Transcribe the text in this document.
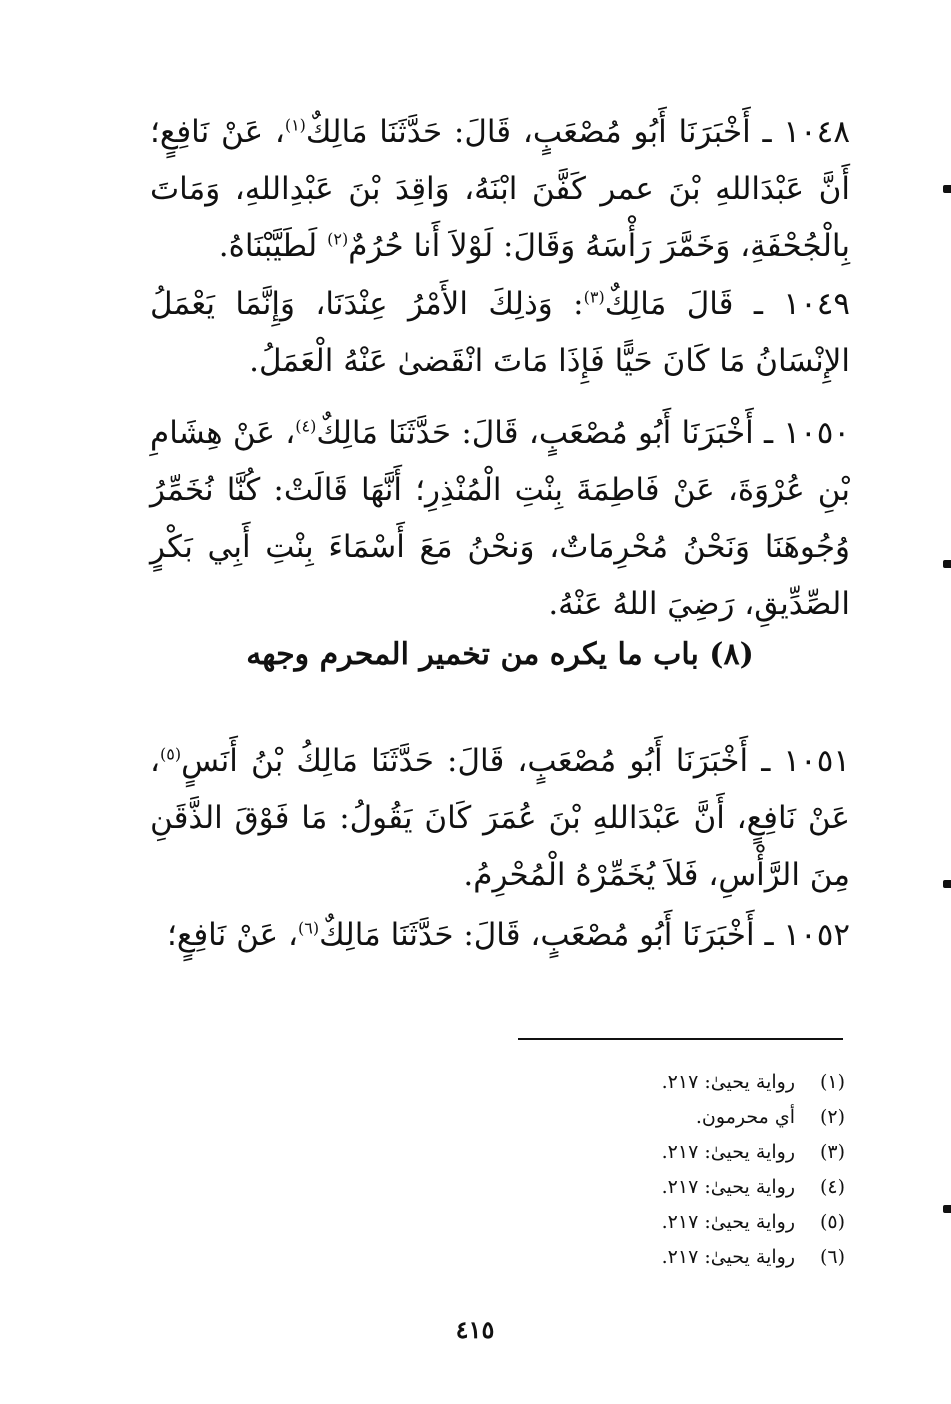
١٠٤٨ ـ أَخْبَرَنَا أَبُو مُصْعَبٍ، قَالَ: حَدَّثَنَا مَالِكٌ$^{(١)}$، عَنْ نَافِعٍ؛ أَنَّ عَبْدَاللهِ بْنَ عمر كَفَّنَ ابْنَهُ، وَاقِدَ بْنَ عَبْدِاللهِ، وَمَاتَ بِالْجُحْفَةِ، وَخَمَّرَ رَأْسَهُ وَقَالَ: لَوْلاَ أَنا حُرُمٌ$^{(٢)}$ لَطَيَّبْنَاهُ.

١٠٤٩ ـ قَالَ مَالِكٌ$^{(٣)}$: وَذلِكَ الأَمْرُ عِنْدَنَا، وَإِنَّمَا يَعْمَلُ الإِنْسَانُ مَا كَانَ حَيًّا فَإِذَا مَاتَ انْقَضىٰ عَنْهُ الْعَمَلُ.

١٠٥٠ ـ أَخْبَرَنَا أَبُو مُصْعَبٍ، قَالَ: حَدَّثَنَا مَالِكٌ$^{(٤)}$، عَنْ هِشَامِ بْنِ عُرْوَةَ، عَنْ فَاطِمَةَ بِنْتِ الْمُنْذِرِ؛ أَنَّهَا قَالَتْ: كُنَّا نُخَمِّرُ وُجُوهَنَا وَنَحْنُ مُحْرِمَاتٌ، وَنحْنُ مَعَ أَسْمَاءَ بِنْتِ أَبِي بَكْرٍ الصِّدِّيقِ، رَضِيَ اللهُ عَنْهُ.

(٨) باب ما يكره من تخمير المحرم وجهه

١٠٥١ ـ أَخْبَرَنَا أَبُو مُصْعَبٍ، قَالَ: حَدَّثَنَا مَالِكُ بْنُ أَنَسٍ$^{(٥)}$، عَنْ نَافِعٍ، أَنَّ عَبْدَاللهِ بْنَ عُمَرَ كَانَ يَقُولُ: مَا فَوْقَ الذَّقَنِ مِنَ الرَّأْسِ، فَلاَ يُخَمِّرْهُ الْمُحْرِمُ.

١٠٥٢ ـ أَخْبَرَنَا أَبُو مُصْعَبٍ، قَالَ: حَدَّثَنَا مَالِكٌ$^{(٦)}$، عَنْ نَافِعٍ؛

(١)رواية يحيىٰ: ٢١٧.
(٢)أي محرمون.
(٣)رواية يحيىٰ: ٢١٧.
(٤)رواية يحيىٰ: ٢١٧.
(٥)رواية يحيىٰ: ٢١٧.
(٦)رواية يحيىٰ: ٢١٧.
٤١٥
